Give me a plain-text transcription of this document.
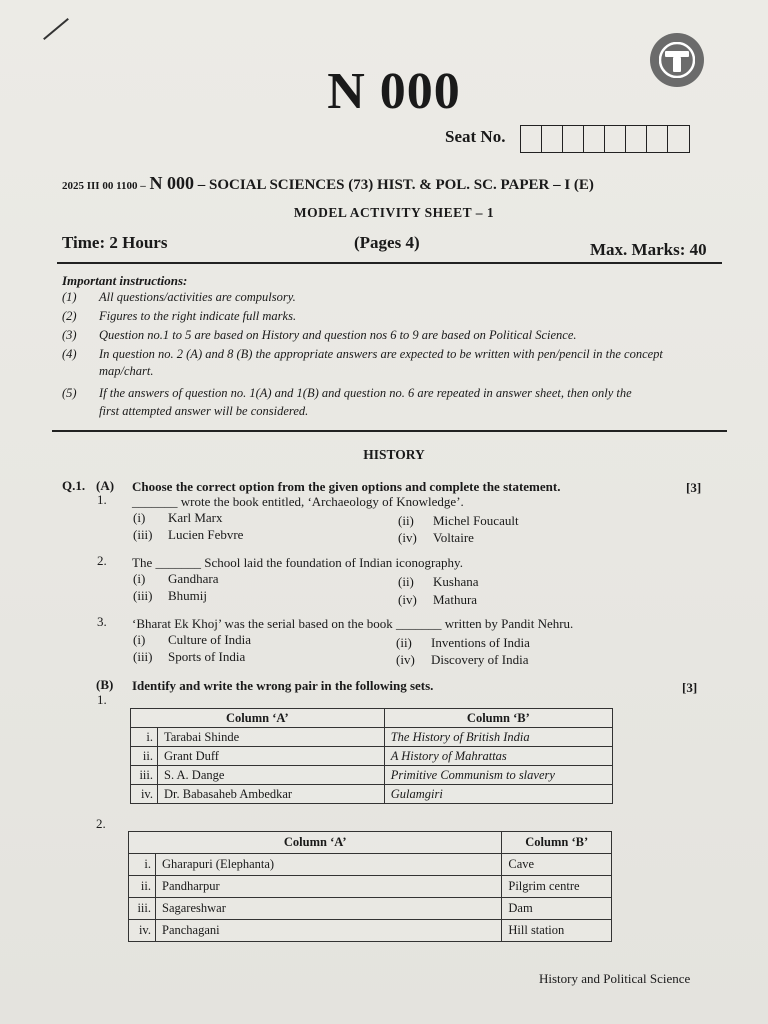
N 000
Seat No.
2025 III 00 1100 – N 000 – SOCIAL SCIENCES (73) HIST. & POL. SC. PAPER – I (E)
MODEL ACTIVITY SHEET – 1
Time: 2 Hours	(Pages 4)	Max. Marks: 40
Important instructions:
(1) All questions/activities are compulsory.
(2) Figures to the right indicate full marks.
(3) Question no.1 to 5 are based on History and question nos 6 to 9 are based on Political Science.
(4) In question no. 2 (A) and 8 (B) the appropriate answers are expected to be written with pen/pencil in the concept
map/chart.
(5) If the answers of question no. 1(A) and 1(B) and question no. 6 are repeated in answer sheet, then only the
first attempted answer will be considered.
HISTORY
Q.1. (A) Choose the correct option from the given options and complete the statement.	[3]
1. _______ wrote the book entitled, ‘Archaeology of Knowledge’.
(i) Karl Marx	(ii) Michel Foucault
(iii) Lucien Febvre	(iv) Voltaire
2. The _______ School laid the foundation of Indian iconography.
(i) Gandhara	(ii) Kushana
(iii) Bhumij	(iv) Mathura
3. ‘Bharat Ek Khoj’ was the serial based on the book _______ written by Pandit Nehru.
(i) Culture of India	(ii) Inventions of India
(iii) Sports of India	(iv) Discovery of India
(B) Identify and write the wrong pair in the following sets.	[3]
1.
Column ‘A’		Column ‘B’
i.	Tarabai Shinde	The History of British India
ii.	Grant Duff	A History of Mahrattas
iii.	S. A. Dange	Primitive Communism to slavery
iv.	Dr. Babasaheb Ambedkar	Gulamgiri
2.
Column ‘A’		Column ‘B’
i.	Gharapuri (Elephanta)	Cave
ii.	Pandharpur	Pilgrim centre
iii.	Sagareshwar	Dam
iv.	Panchagani	Hill station
History and Political Science
